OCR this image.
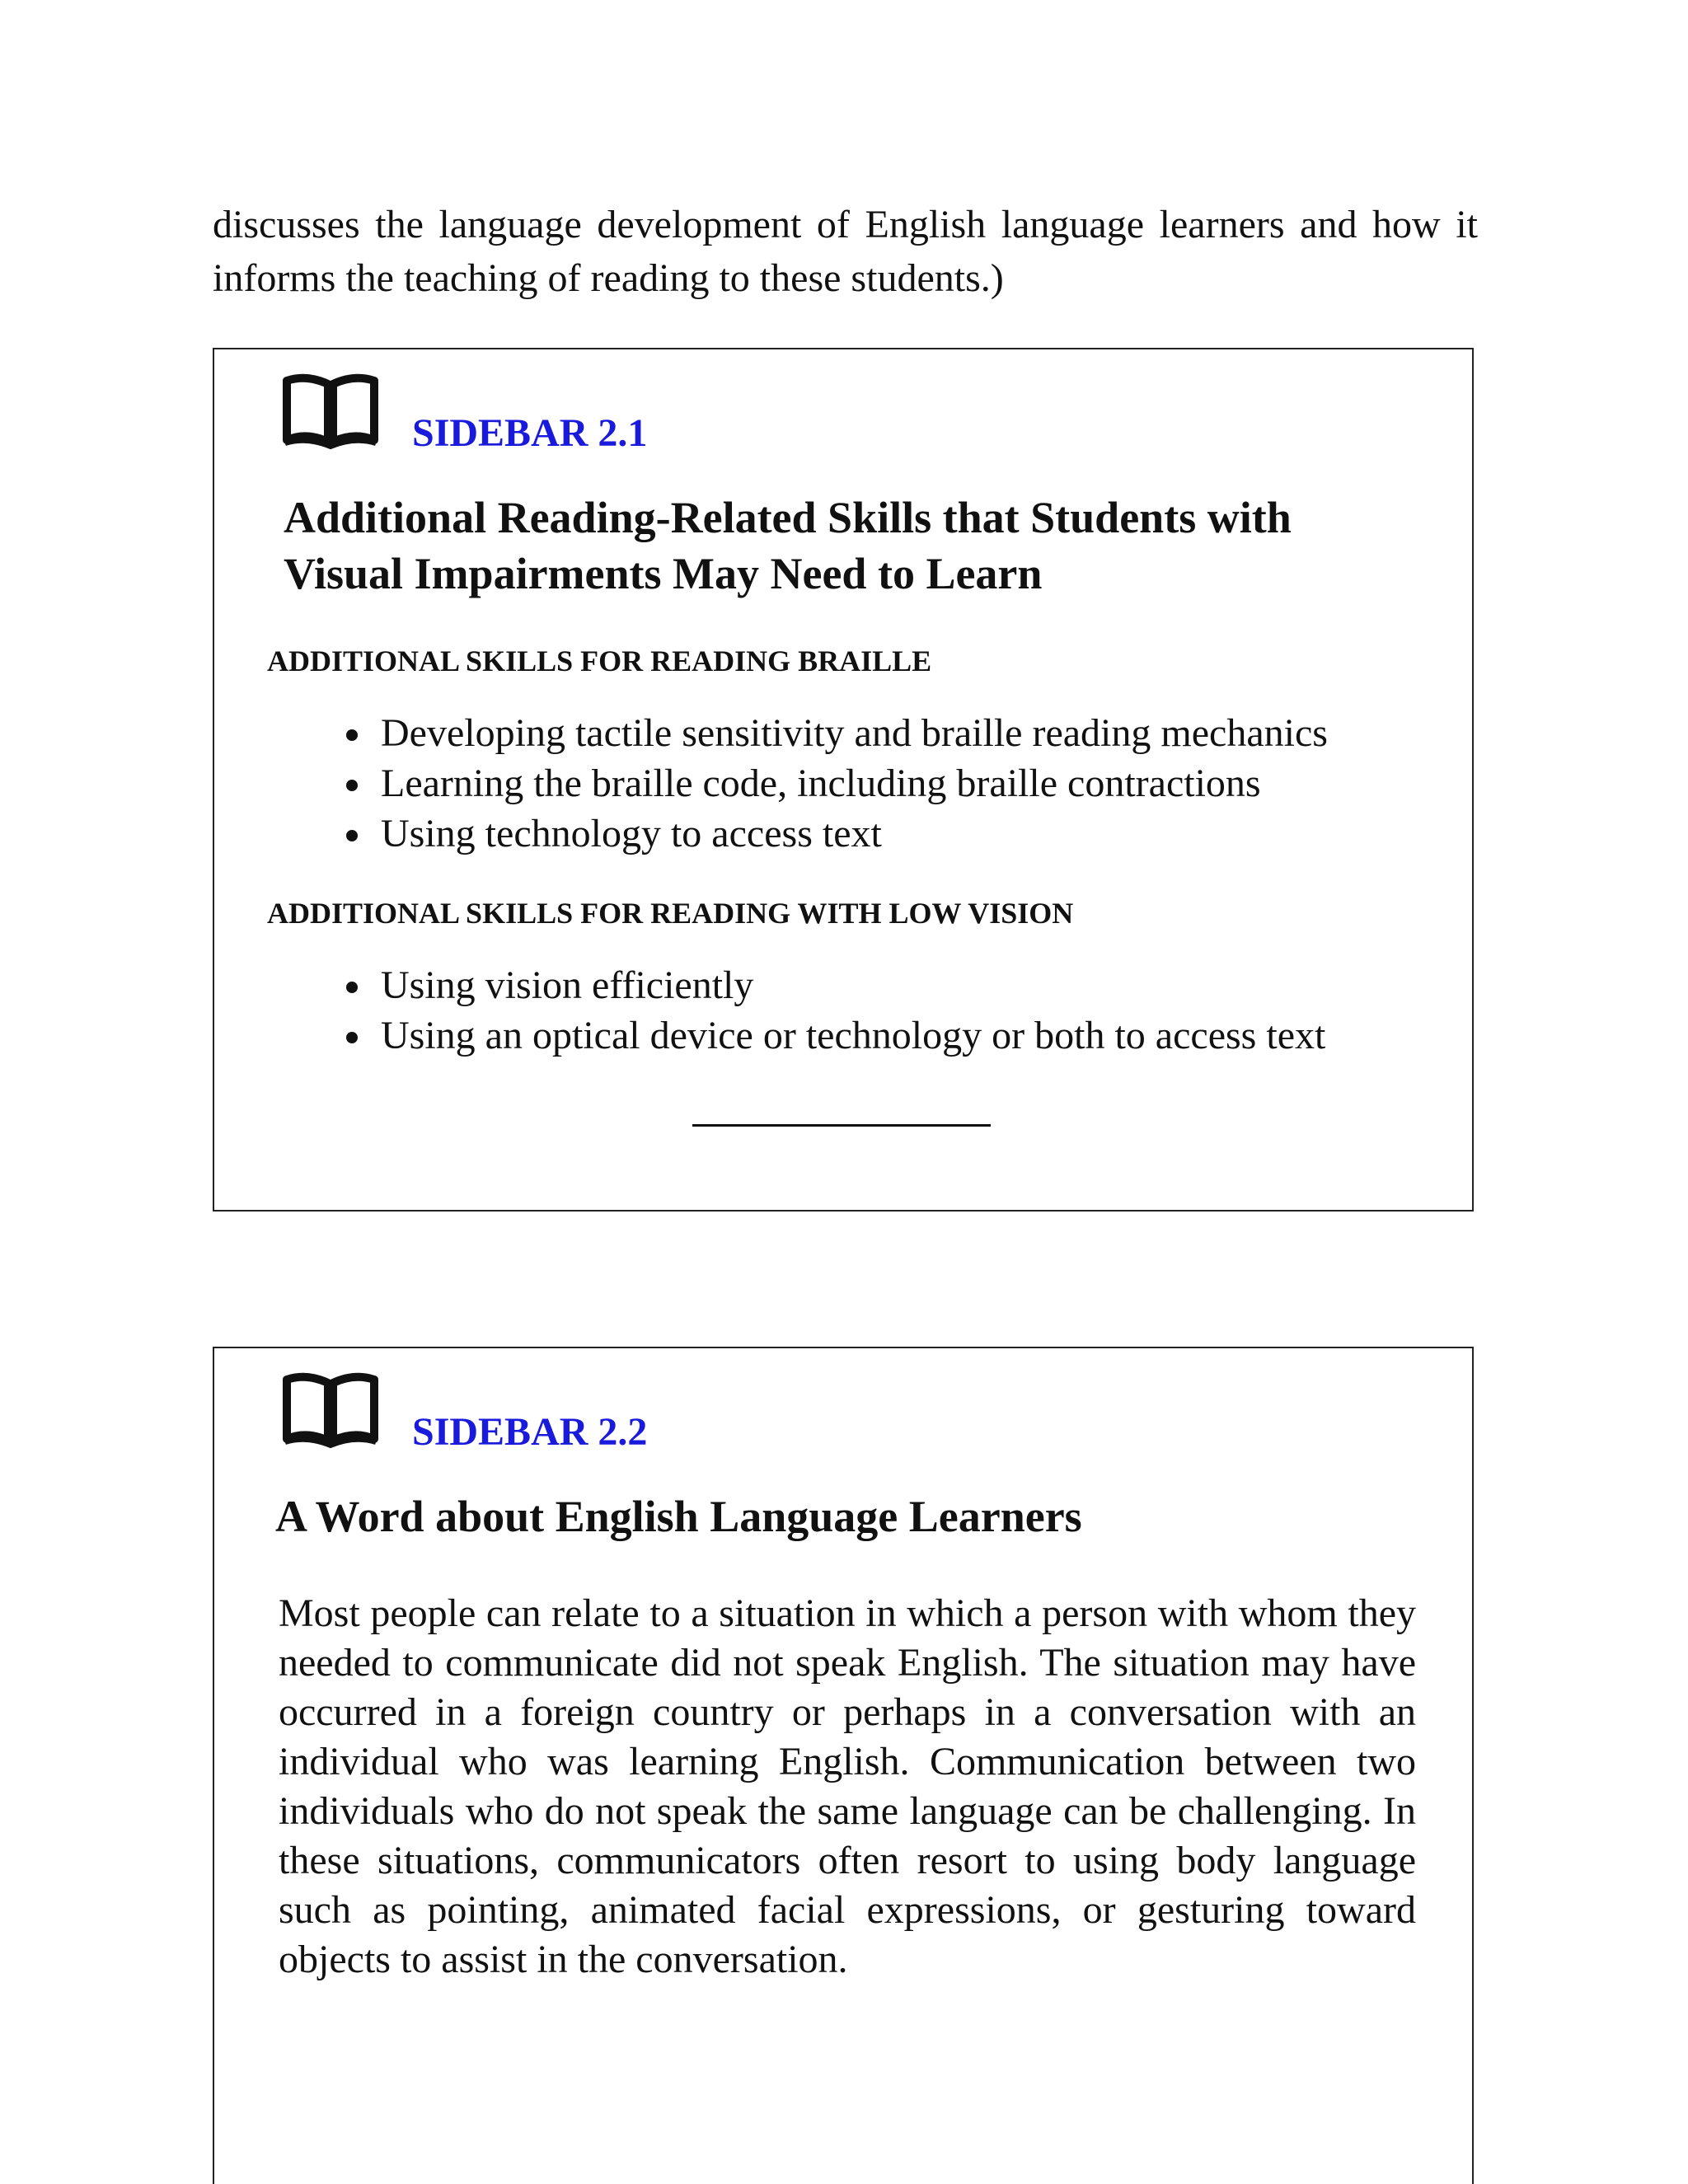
discusses the language development of English language learners and how it informs the teaching of reading to these students.)

SIDEBAR 2.1
Additional Reading-Related Skills that Students with Visual Impairments May Need to Learn
ADDITIONAL SKILLS FOR READING BRAILLE
Developing tactile sensitivity and braille reading mechanics
Learning the braille code, including braille contractions
Using technology to access text
ADDITIONAL SKILLS FOR READING WITH LOW VISION
Using vision efficiently
Using an optical device or technology or both to access text
SIDEBAR 2.2
A Word about English Language Learners

Most people can relate to a situation in which a person with whom they needed to communicate did not speak English. The situation may have occurred in a foreign country or perhaps in a conversation with an individual who was learning English. Communication between two individuals who do not speak the same language can be challenging. In these situations, communicators often resort to using body language such as pointing, animated facial expressions, or gesturing toward objects to assist in the conversation.
